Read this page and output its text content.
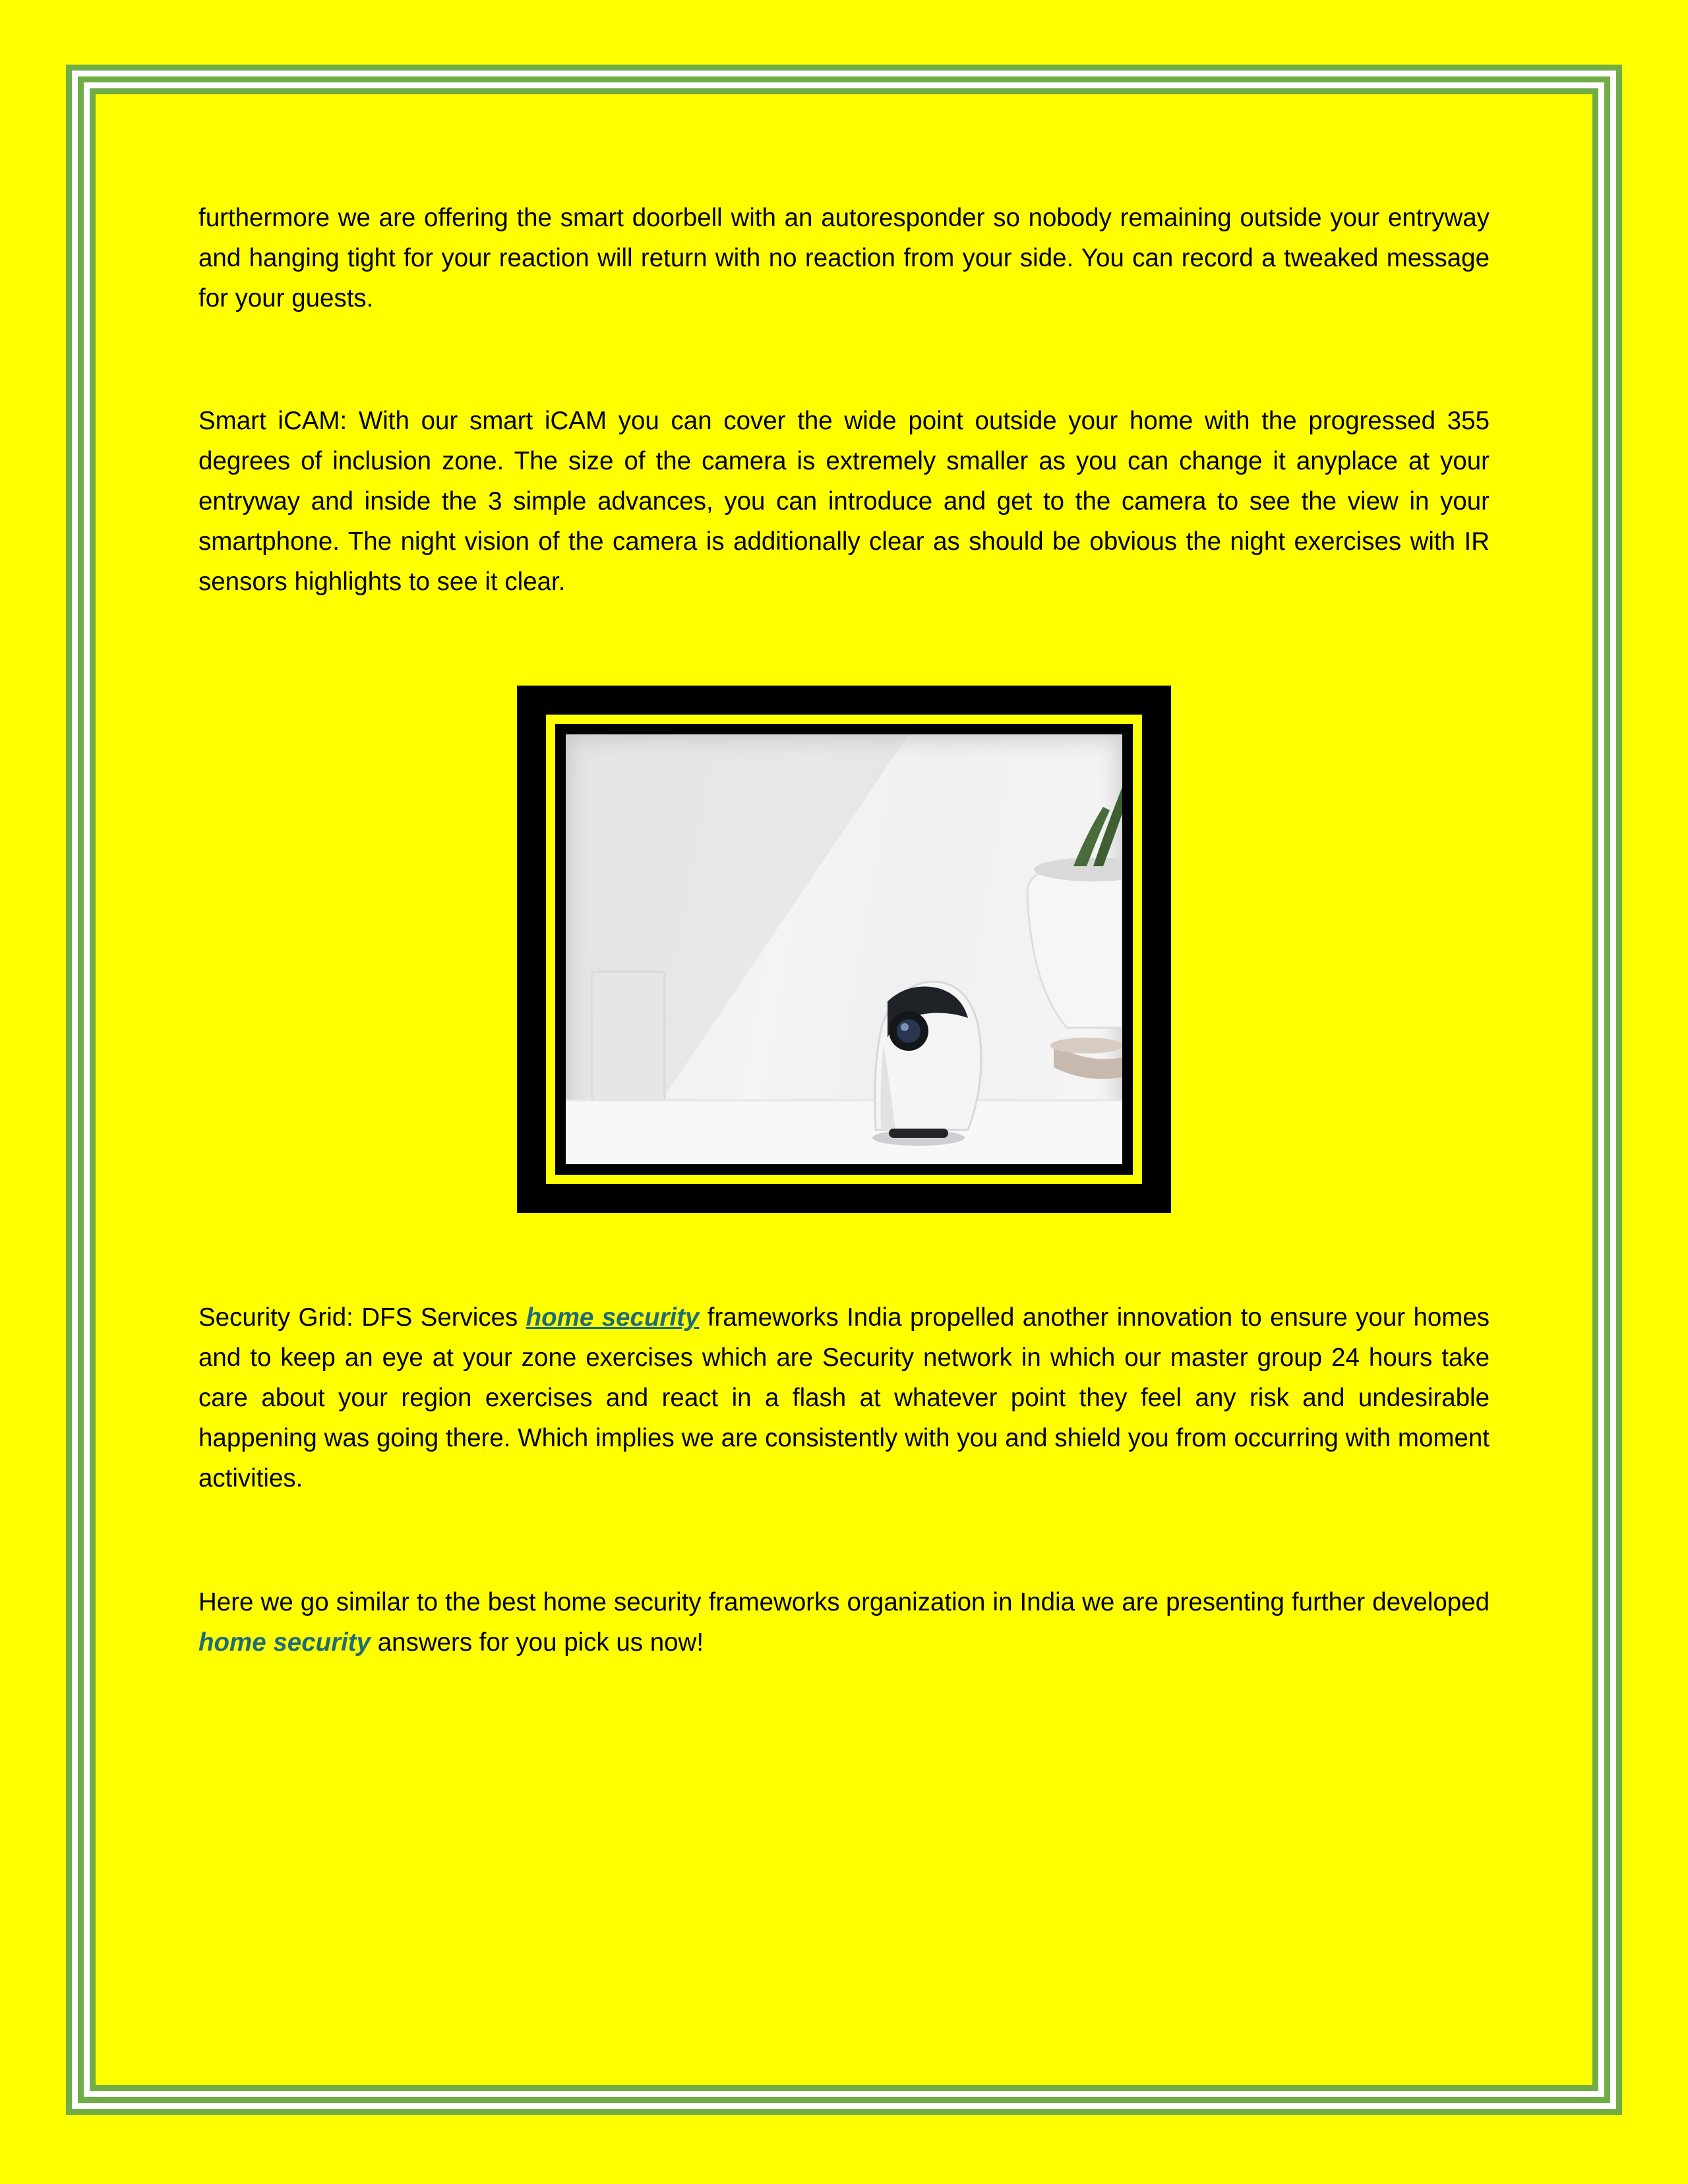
furthermore we are offering the smart doorbell with an autoresponder so nobody remaining outside your entryway and hanging tight for your reaction will return with no reaction from your side. You can record a tweaked message for your guests.

Smart iCAM: With our smart iCAM you can cover the wide point outside your home with the progressed 355 degrees of inclusion zone. The size of the camera is extremely smaller as you can change it anyplace at your entryway and inside the 3 simple advances, you can introduce and get to the camera to see the view in your smartphone. The night vision of the camera is additionally clear as should be obvious the night exercises with IR sensors highlights to see it clear.

Security Grid: DFS Services home security frameworks India propelled another innovation to ensure your homes and to keep an eye at your zone exercises which are Security network in which our master group 24 hours take care about your region exercises and react in a flash at whatever point they feel any risk and undesirable happening was going there. Which implies we are consistently with you and shield you from occurring with moment activities.

Here we go similar to the best home security frameworks organization in India we are presenting further developed home security answers for you pick us now!
